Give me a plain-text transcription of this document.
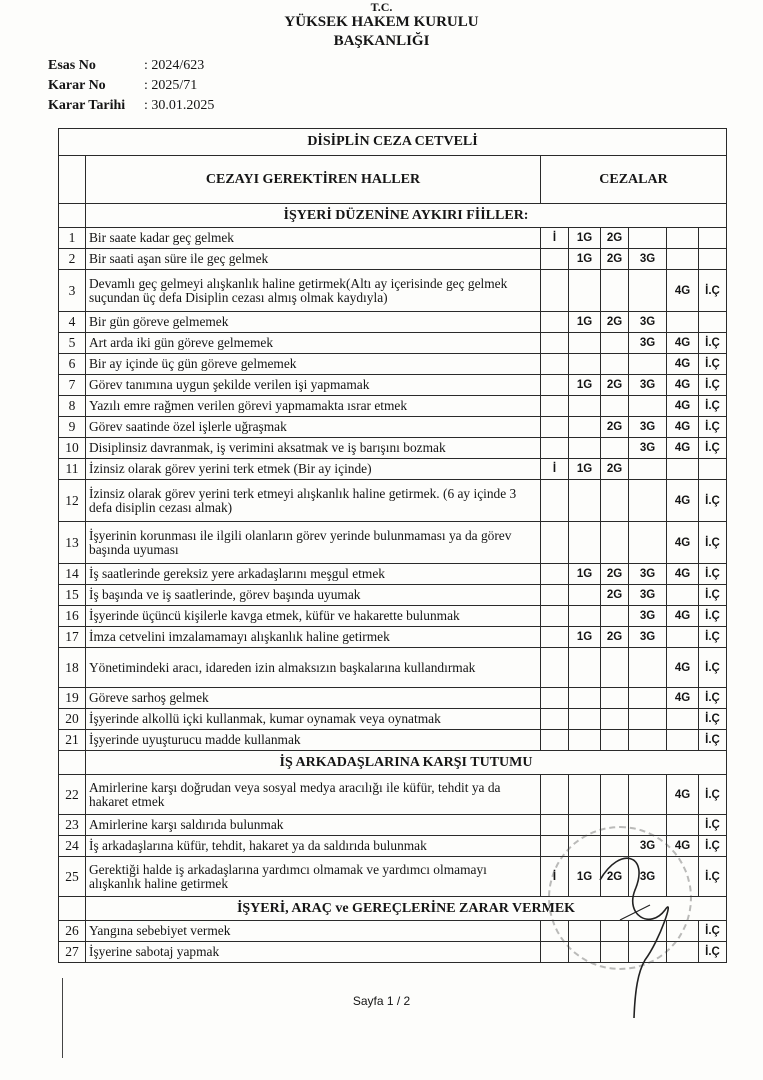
T.C.
YÜKSEK HAKEM KURULU
BAŞKANLIĞI
Esas No	: 2024/623
Karar No	: 2025/71
Karar Tarihi	: 30.01.2025
DİSİPLİN CEZA CETVELİ							
	CEZAYI GEREKTİREN HALLER	CEZALAR					
	İŞYERİ DÜZENİNE AYKIRI FİİLLER:						
1	Bir saate kadar geç gelmek	İ	1G	2G			
2	Bir saati aşan süre ile geç gelmek		1G	2G	3G		
3	Devamlı geç gelmeyi alışkanlık haline getirmek(Altı ay içerisinde geç gelmek suçundan üç defa Disiplin cezası almış olmak kaydıyla)					4G	İ.Ç
4	Bir gün göreve gelmemek		1G	2G	3G		
5	Art arda iki gün göreve gelmemek				3G	4G	İ.Ç
6	Bir ay içinde üç gün göreve gelmemek					4G	İ.Ç
7	Görev tanımına uygun şekilde verilen işi yapmamak		1G	2G	3G	4G	İ.Ç
8	Yazılı emre rağmen verilen görevi yapmamakta ısrar etmek					4G	İ.Ç
9	Görev saatinde özel işlerle uğraşmak			2G	3G	4G	İ.Ç
10	Disiplinsiz davranmak, iş verimini aksatmak ve iş barışını bozmak				3G	4G	İ.Ç
11	İzinsiz olarak görev yerini terk etmek (Bir ay içinde)	İ	1G	2G			
12	İzinsiz olarak görev yerini terk etmeyi alışkanlık haline getirmek. (6 ay içinde 3 defa disiplin cezası almak)					4G	İ.Ç
13	İşyerinin korunması ile ilgili olanların görev yerinde bulunmaması ya da görev başında uyuması					4G	İ.Ç
14	İş saatlerinde gereksiz yere arkadaşlarını meşgul etmek		1G	2G	3G	4G	İ.Ç
15	İş başında ve iş saatlerinde, görev başında uyumak			2G	3G		İ.Ç
16	İşyerinde üçüncü kişilerle kavga etmek, küfür ve hakarette bulunmak				3G	4G	İ.Ç
17	İmza cetvelini imzalamamayı alışkanlık haline getirmek		1G	2G	3G		İ.Ç
18	Yönetimindeki aracı, idareden izin almaksızın başkalarına kullandırmak					4G	İ.Ç
19	Göreve sarhoş gelmek					4G	İ.Ç
20	İşyerinde alkollü içki kullanmak, kumar oynamak veya oynatmak						İ.Ç
21	İşyerinde uyuşturucu madde kullanmak						İ.Ç
	İŞ ARKADAŞLARINA KARŞI TUTUMU						
22	Amirlerine karşı doğrudan veya sosyal medya aracılığı ile küfür, tehdit ya da hakaret etmek					4G	İ.Ç
23	Amirlerine karşı saldırıda bulunmak						İ.Ç
24	İş arkadaşlarına küfür, tehdit, hakaret ya da saldırıda bulunmak				3G	4G	İ.Ç
25	Gerektiği halde iş arkadaşlarına yardımcı olmamak ve yardımcı olmamayı alışkanlık haline getirmek	İ	1G	2G	3G		İ.Ç
	İŞYERİ, ARAÇ ve GEREÇLERİNE ZARAR VERMEK						
26	Yangına sebebiyet vermek						İ.Ç
27	İşyerine sabotaj yapmak						İ.Ç
Sayfa 1 / 2
